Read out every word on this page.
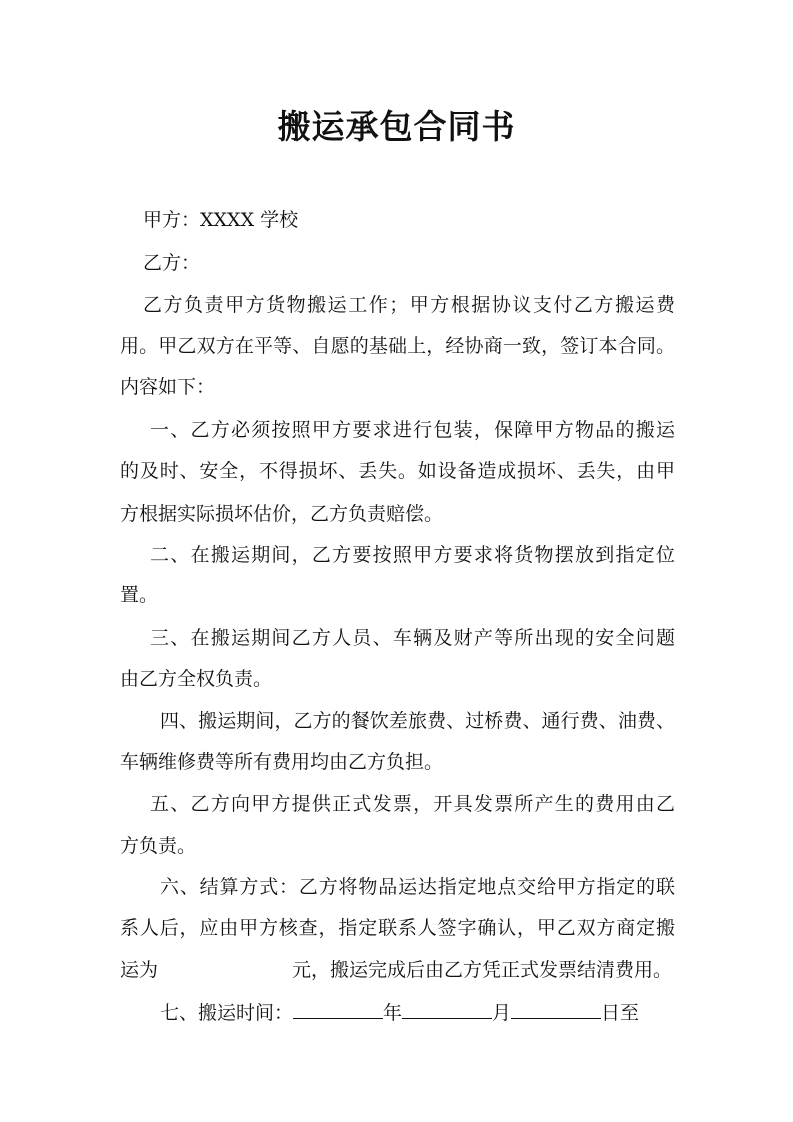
搬运承包合同书
甲方：XXXX 学校
乙方：
乙方负责甲方货物搬运工作；甲方根据协议支付乙方搬运费
用。甲乙双方在平等、自愿的基础上，经协商一致，签订本合同。
内容如下：
一、乙方必须按照甲方要求进行包装，保障甲方物品的搬运
的及时、安全，不得损坏、丢失。如设备造成损坏、丢失，由甲
方根据实际损坏估价，乙方负责赔偿。
二、在搬运期间，乙方要按照甲方要求将货物摆放到指定位
置。
三、在搬运期间乙方人员、车辆及财产等所出现的安全问题
由乙方全权负责。
四、搬运期间，乙方的餐饮差旅费、过桥费、通行费、油费、
车辆维修费等所有费用均由乙方负担。
五、乙方向甲方提供正式发票，开具发票所产生的费用由乙
方负责。
六、结算方式：乙方将物品运达指定地点交给甲方指定的联
系人后，应由甲方核查，指定联系人签字确认，甲乙双方商定搬
运为	元，搬运完成后由乙方凭正式发票结清费用。
七、搬运时间：	年	月	日至
